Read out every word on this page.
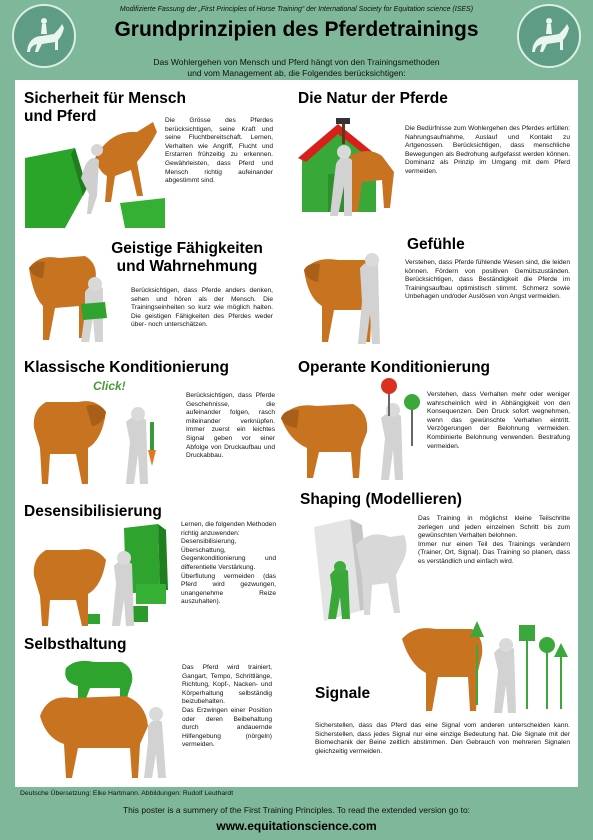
Modifizierte Fassung der „First Principles of Horse Training“ der International Society for Equitation science (ISES)
Grundprinzipien des Pferdetrainings
Das Wohlergehen von Mensch und Pferd hängt von den Trainingsmethoden
und vom Management ab, die Folgendes berücksichtigen:
Sicherheit für Mensch
und Pferd	Die Grösse des Pferdes berücksichtigen, seine Kraft und seine Fluchtbereitschaft. Lernen, Verhalten wie Angriff, Flucht und Erstarren frühzeitig zu erkennen. Gewährleisten, dass Pferd und Mensch richtig aufeinander abgestimmt sind.
Die Natur der Pferde
Die Bedürfnisse zum Wohlergehen des Pferdes erfüllen: Nahrungsaufnahme, Auslauf und Kontakt zu Artgenossen. Berücksichtigen, dass menschliche Bewegungen als Bedrohung aufgefasst werden können. Dominanz als Prinzip im Umgang mit dem Pferd vermeiden.
Geistige Fähigkeiten
und Wahrnehmung
Berücksichtigen, dass Pferde anders denken, sehen und hören als der Mensch. Die Trainingseinheiten so kurz wie möglich halten. Die geistigen Fähigkeiten des Pferdes weder über- noch unterschätzen.
Gefühle
Verstehen, dass Pferde fühlende Wesen sind, die leiden können. Fördern von positiven Gemütszuständen. Berücksichtigen, dass Beständigkeit die Pferde im Trainingsaufbau optimistisch stimmt. Schmerz sowie Unbehagen und/oder Auslösen von Angst vermeiden.
Klassische Konditionierung
Click!
Berücksichtigen, dass Pferde Geschehnisse, die aufeinander folgen, rasch miteinander verknüpfen. Immer zuerst ein leichtes Signal geben vor einer Abfolge von Druckaufbau und Druckabbau.
Operante Konditionierung
Verstehen, dass Verhalten mehr oder weniger wahrscheinlich wird in Abhängigkeit von den Konsequenzen. Den Druck sofort wegnehmen, wenn das gewünschte Verhalten eintritt. Verzögerungen der Belohnung vermeiden. Kombinierte Belohnung verwenden. Bestrafung vermeiden.
Desensibilisierung

Lernen, die folgenden Methoden richtig anzuwenden:

Desensibilisierung, Überschattung, Gegenkonditionierung und differentielle Verstärkung.

Überflutung vermeiden (das Pferd wird gezwungen, unangenehme Reize auszuhalten).

Shaping (Modellieren)

Das Training in möglichst kleine Teilschritte zerlegen und jeden einzelnen Schritt bis zum gewünschten Verhalten belohnen.

Immer nur einen Teil des Trainings verändern (Trainer, Ort, Signal). Das Training so planen, dass es verständlich und einfach wird.

Selbsthaltung

Das Pferd wird trainiert, Gangart, Tempo, Schrittlänge, Richtung, Kopf-, Nacken- und Körperhaltung selbständig beizubehalten.

Das Erzwingen einer Position oder deren Beibehaltung durch andauernde Hilfengebung (nörgeln) vermeiden.

Signale
Sicherstellen, dass das Pferd das eine Signal vom anderen unterscheiden kann. Sicherstellen, dass jedes Signal nur eine einzige Bedeutung hat. Die Signale mit der Biomechanik der Beine zeitlich abstimmen. Den Gebrauch von mehreren Signalen gleichzeitig vermeiden.
Deutsche Übersetzung: Elke Hartmann. Abbildungen: Rudolf Leuthardt
This poster is a summery of the First Training Principles. To read the extended version go to:
www.equitationscience.com
